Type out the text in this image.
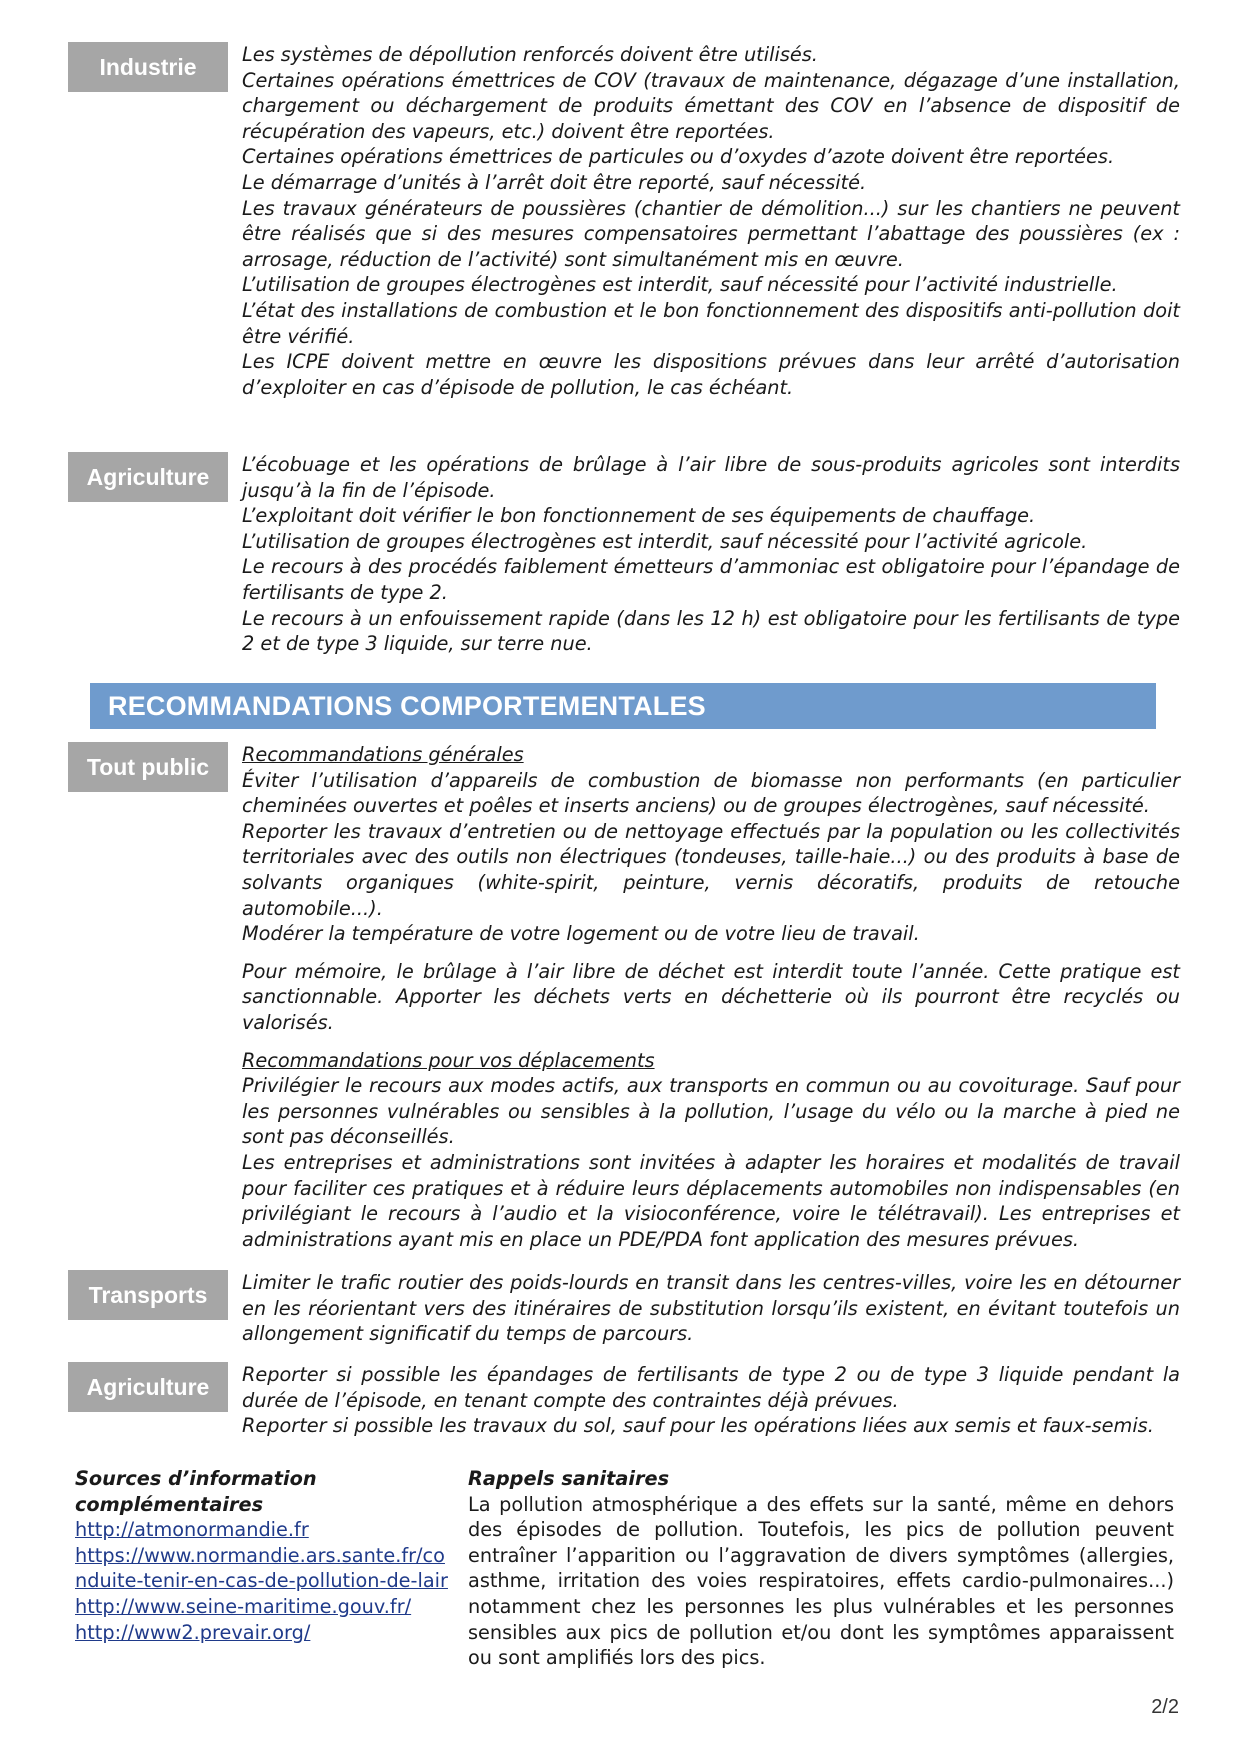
Industrie	Les systèmes de dépollution renforcés doivent être utilisés.

Certaines opérations émettrices de COV (travaux de maintenance, dégazage d’une installation, chargement ou déchargement de produits émettant des COV en l’absence de dispositif de récupération des vapeurs, etc.) doivent être reportées.

Certaines opérations émettrices de particules ou d’oxydes d’azote doivent être reportées.

Le démarrage d’unités à l’arrêt doit être reporté, sauf nécessité.

Les travaux générateurs de poussières (chantier de démolition...) sur les chantiers ne peuvent être réalisés que si des mesures compensatoires permettant l’abattage des poussières (ex : arrosage, réduction de l’activité) sont simultanément mis en œuvre.

L’utilisation de groupes électrogènes est interdit, sauf nécessité pour l’activité industrielle.

L’état des installations de combustion et le bon fonctionnement des dispositifs anti-pollution doit être vérifié.

Les ICPE doivent mettre en œuvre les dispositions prévues dans leur arrêté d’autorisation d’exploiter en cas d’épisode de pollution, le cas échéant.

Agriculture	L’écobuage et les opérations de brûlage à l’air libre de sous-produits agricoles sont interdits jusqu’à la fin de l’épisode.

L’exploitant doit vérifier le bon fonctionnement de ses équipements de chauffage.

L’utilisation de groupes électrogènes est interdit, sauf nécessité pour l’activité agricole.

Le recours à des procédés faiblement émetteurs d’ammoniac est obligatoire pour l’épandage de fertilisants de type 2.

Le recours à un enfouissement rapide (dans les 12 h) est obligatoire pour les fertilisants de type 2 et de type 3 liquide, sur terre nue.

RECOMMANDATIONS COMPORTEMENTALES
Tout public	Recommandations générales

Éviter l’utilisation d’appareils de combustion de biomasse non performants (en particulier cheminées ouvertes et poêles et inserts anciens) ou de groupes électrogènes, sauf nécessité.

Reporter les travaux d’entretien ou de nettoyage effectués par la population ou les collectivités territoriales avec des outils non électriques (tondeuses, taille-haie...) ou des produits à base de solvants organiques (white-spirit, peinture, vernis décoratifs, produits de retouche automobile...).

Modérer la température de votre logement ou de votre lieu de travail.

Pour mémoire, le brûlage à l’air libre de déchet est interdit toute l’année. Cette pratique est sanctionnable. Apporter les déchets verts en déchetterie où ils pourront être recyclés ou valorisés.

Recommandations pour vos déplacements

Privilégier le recours aux modes actifs, aux transports en commun ou au covoiturage. Sauf pour les personnes vulnérables ou sensibles à la pollution, l’usage du vélo ou la marche à pied ne sont pas déconseillés.

Les entreprises et administrations sont invitées à adapter les horaires et modalités de travail pour faciliter ces pratiques et à réduire leurs déplacements automobiles non indispensables (en privilégiant le recours à l’audio et la visioconférence, voire le télétravail). Les entreprises et administrations ayant mis en place un PDE/PDA font application des mesures prévues.

Transports	Limiter le trafic routier des poids-lourds en transit dans les centres-villes, voire les en détourner en les réorientant vers des itinéraires de substitution lorsqu’ils existent, en évitant toutefois un allongement significatif du temps de parcours.

Agriculture	Reporter si possible les épandages de fertilisants de type 2 ou de type 3 liquide pendant la durée de l’épisode, en tenant compte des contraintes déjà prévues.

Reporter si possible les travaux du sol, sauf pour les opérations liées aux semis et faux-semis.

Sources d’information complémentaires
http://atmonormandie.fr
https://www.normandie.ars.sante.fr/conduite-tenir-en-cas-de-pollution-de-lair
http://www.seine-maritime.gouv.fr/
http://www2.prevair.org/
Rappels sanitaires
La pollution atmosphérique a des effets sur la santé, même en dehors des épisodes de pollution. Toutefois, les pics de pollution peuvent entraîner l’apparition ou l’aggravation de divers symptômes (allergies, asthme, irritation des voies respiratoires, effets cardio-pulmonaires...) notamment chez les personnes les plus vulnérables et les personnes sensibles aux pics de pollution et/ou dont les symptômes apparaissent ou sont amplifiés lors des pics.
2/2
